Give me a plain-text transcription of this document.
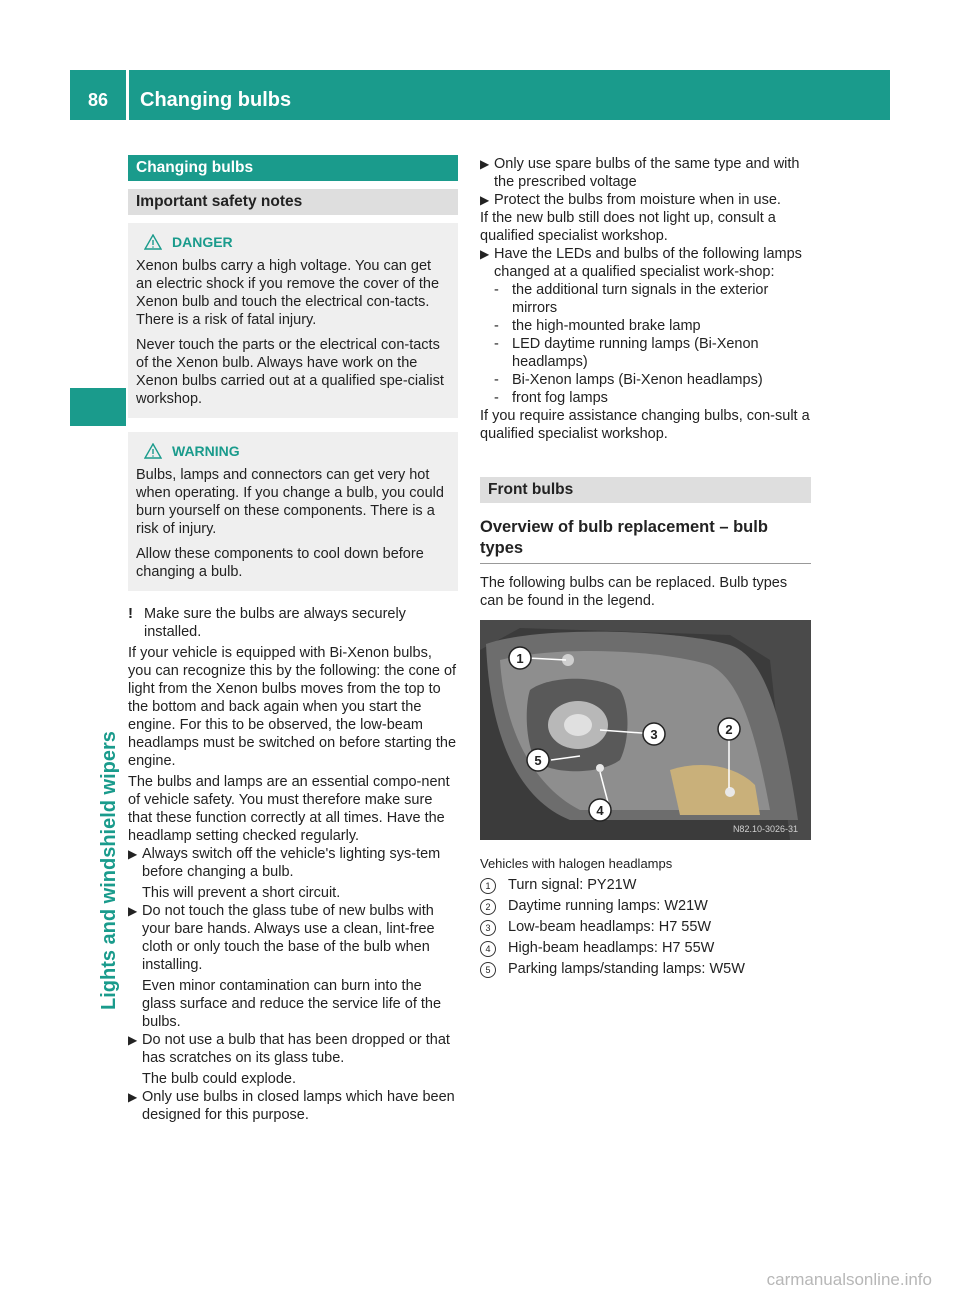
86	Changing bulbs
Lights and windshield wipers
Changing bulbs
Important safety notes
DANGER

Xenon bulbs carry a high voltage. You can get an electric shock if you remove the cover of the Xenon bulb and touch the electrical con-tacts. There is a risk of fatal injury.

Never touch the parts or the electrical con-tacts of the Xenon bulb. Always have work on the Xenon bulbs carried out at a qualified spe-cialist workshop.

WARNING

Bulbs, lamps and connectors can get very hot when operating. If you change a bulb, you could burn yourself on these components. There is a risk of injury.

Allow these components to cool down before changing a bulb.

! Make sure the bulbs are always securely installed.

If your vehicle is equipped with Bi-Xenon bulbs, you can recognize this by the following: the cone of light from the Xenon bulbs moves from the top to the bottom and back again when you start the engine. For this to be observed, the low-beam headlamps must be switched on before starting the engine.

The bulbs and lamps are an essential compo-nent of vehicle safety. You must therefore make sure that these function correctly at all times. Have the headlamp setting checked regularly.

▶ Always switch off the vehicle's lighting sys-tem before changing a bulb.
This will prevent a short circuit.
▶ Do not touch the glass tube of new bulbs with your bare hands. Always use a clean, lint-free cloth or only touch the base of the bulb when installing.
Even minor contamination can burn into the glass surface and reduce the service life of the bulbs.
▶ Do not use a bulb that has been dropped or that has scratches on its glass tube.
The bulb could explode.
▶ Only use bulbs in closed lamps which have been designed for this purpose.
▶ Only use spare bulbs of the same type and with the prescribed voltage
▶ Protect the bulbs from moisture when in use.

If the new bulb still does not light up, consult a qualified specialist workshop.

▶ Have the LEDs and bulbs of the following lamps changed at a qualified specialist work-shop:
- the additional turn signals in the exterior mirrors
- the high-mounted brake lamp
- LED daytime running lamps (Bi-Xenon headlamps)
- Bi-Xenon lamps (Bi-Xenon headlamps)
- front fog lamps

If you require assistance changing bulbs, con-sult a qualified specialist workshop.

Front bulbs
Overview of bulb replacement – bulb types

The following bulbs can be replaced. Bulb types can be found in the legend.

1
2
3
4
5
N82.10-3026-31
Vehicles with halogen headlamps
1	Turn signal: PY21W
2	Daytime running lamps: W21W
3	Low-beam headlamps: H7 55W
4	High-beam headlamps: H7 55W
5	Parking lamps/standing lamps: W5W
carmanualsonline.info
